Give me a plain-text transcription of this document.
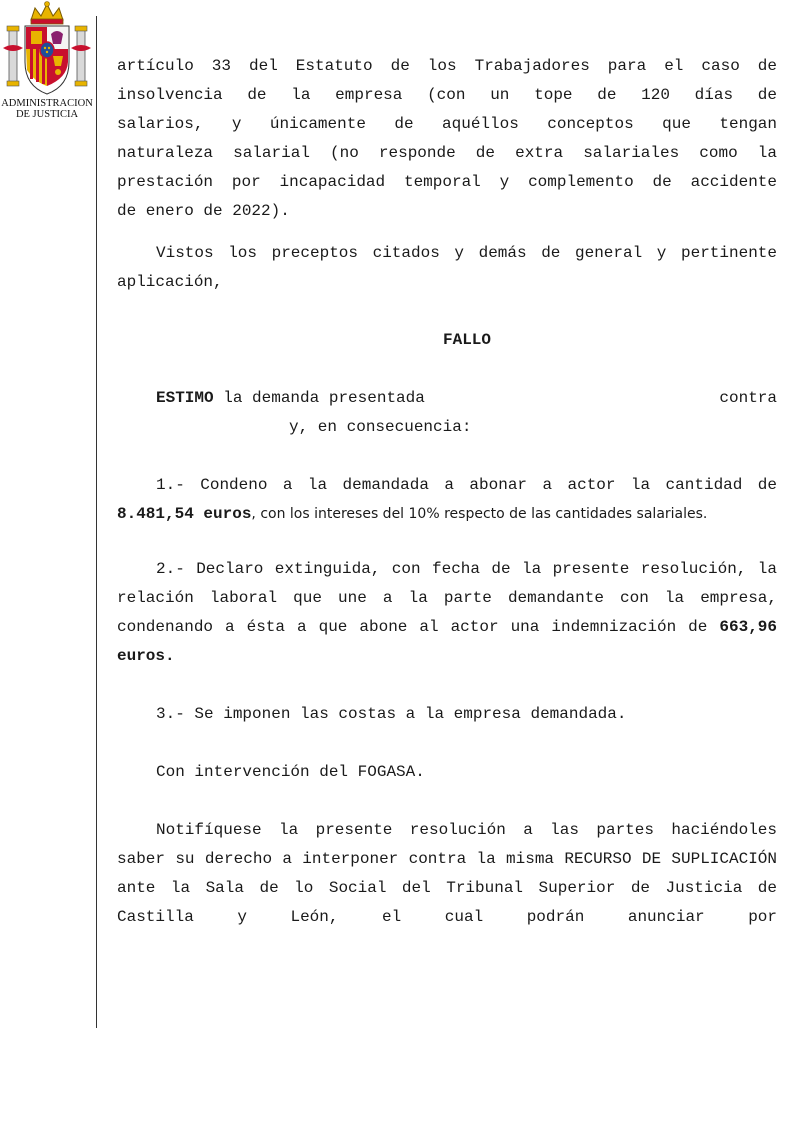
ADMINISTRACION
DE JUSTICIA
artículo 33 del Estatuto de los Trabajadores para el caso de
insolvencia de la empresa (con un tope de 120 días de
salarios, y únicamente de aquéllos conceptos que tengan
naturaleza salarial (no responde de extra salariales como la
prestación por incapacidad temporal y complemento de accidente
de enero de 2022).

Vistos los preceptos citados y demás de general y pertinente aplicación,

FALLO

ESTIMO la demanda presentada	contra
y, en consecuencia:

1.- Condeno a la demandada a abonar a actor la cantidad de 8.481,54 euros, con los intereses del 10% respecto de las cantidades salariales.

2.- Declaro extinguida, con fecha de la presente resolución, la relación laboral que une a la parte demandante con la empresa, condenando a ésta a que abone al actor una indemnización de 663,96 euros.

3.- Se imponen las costas a la empresa demandada.

Con intervención del FOGASA.

Notifíquese la presente resolución a las partes haciéndoles saber su derecho a interponer contra la misma RECURSO DE SUPLICACIÓN ante la Sala de lo Social del Tribunal Superior de Justicia de Castilla y León, el cual podrán anunciar por
